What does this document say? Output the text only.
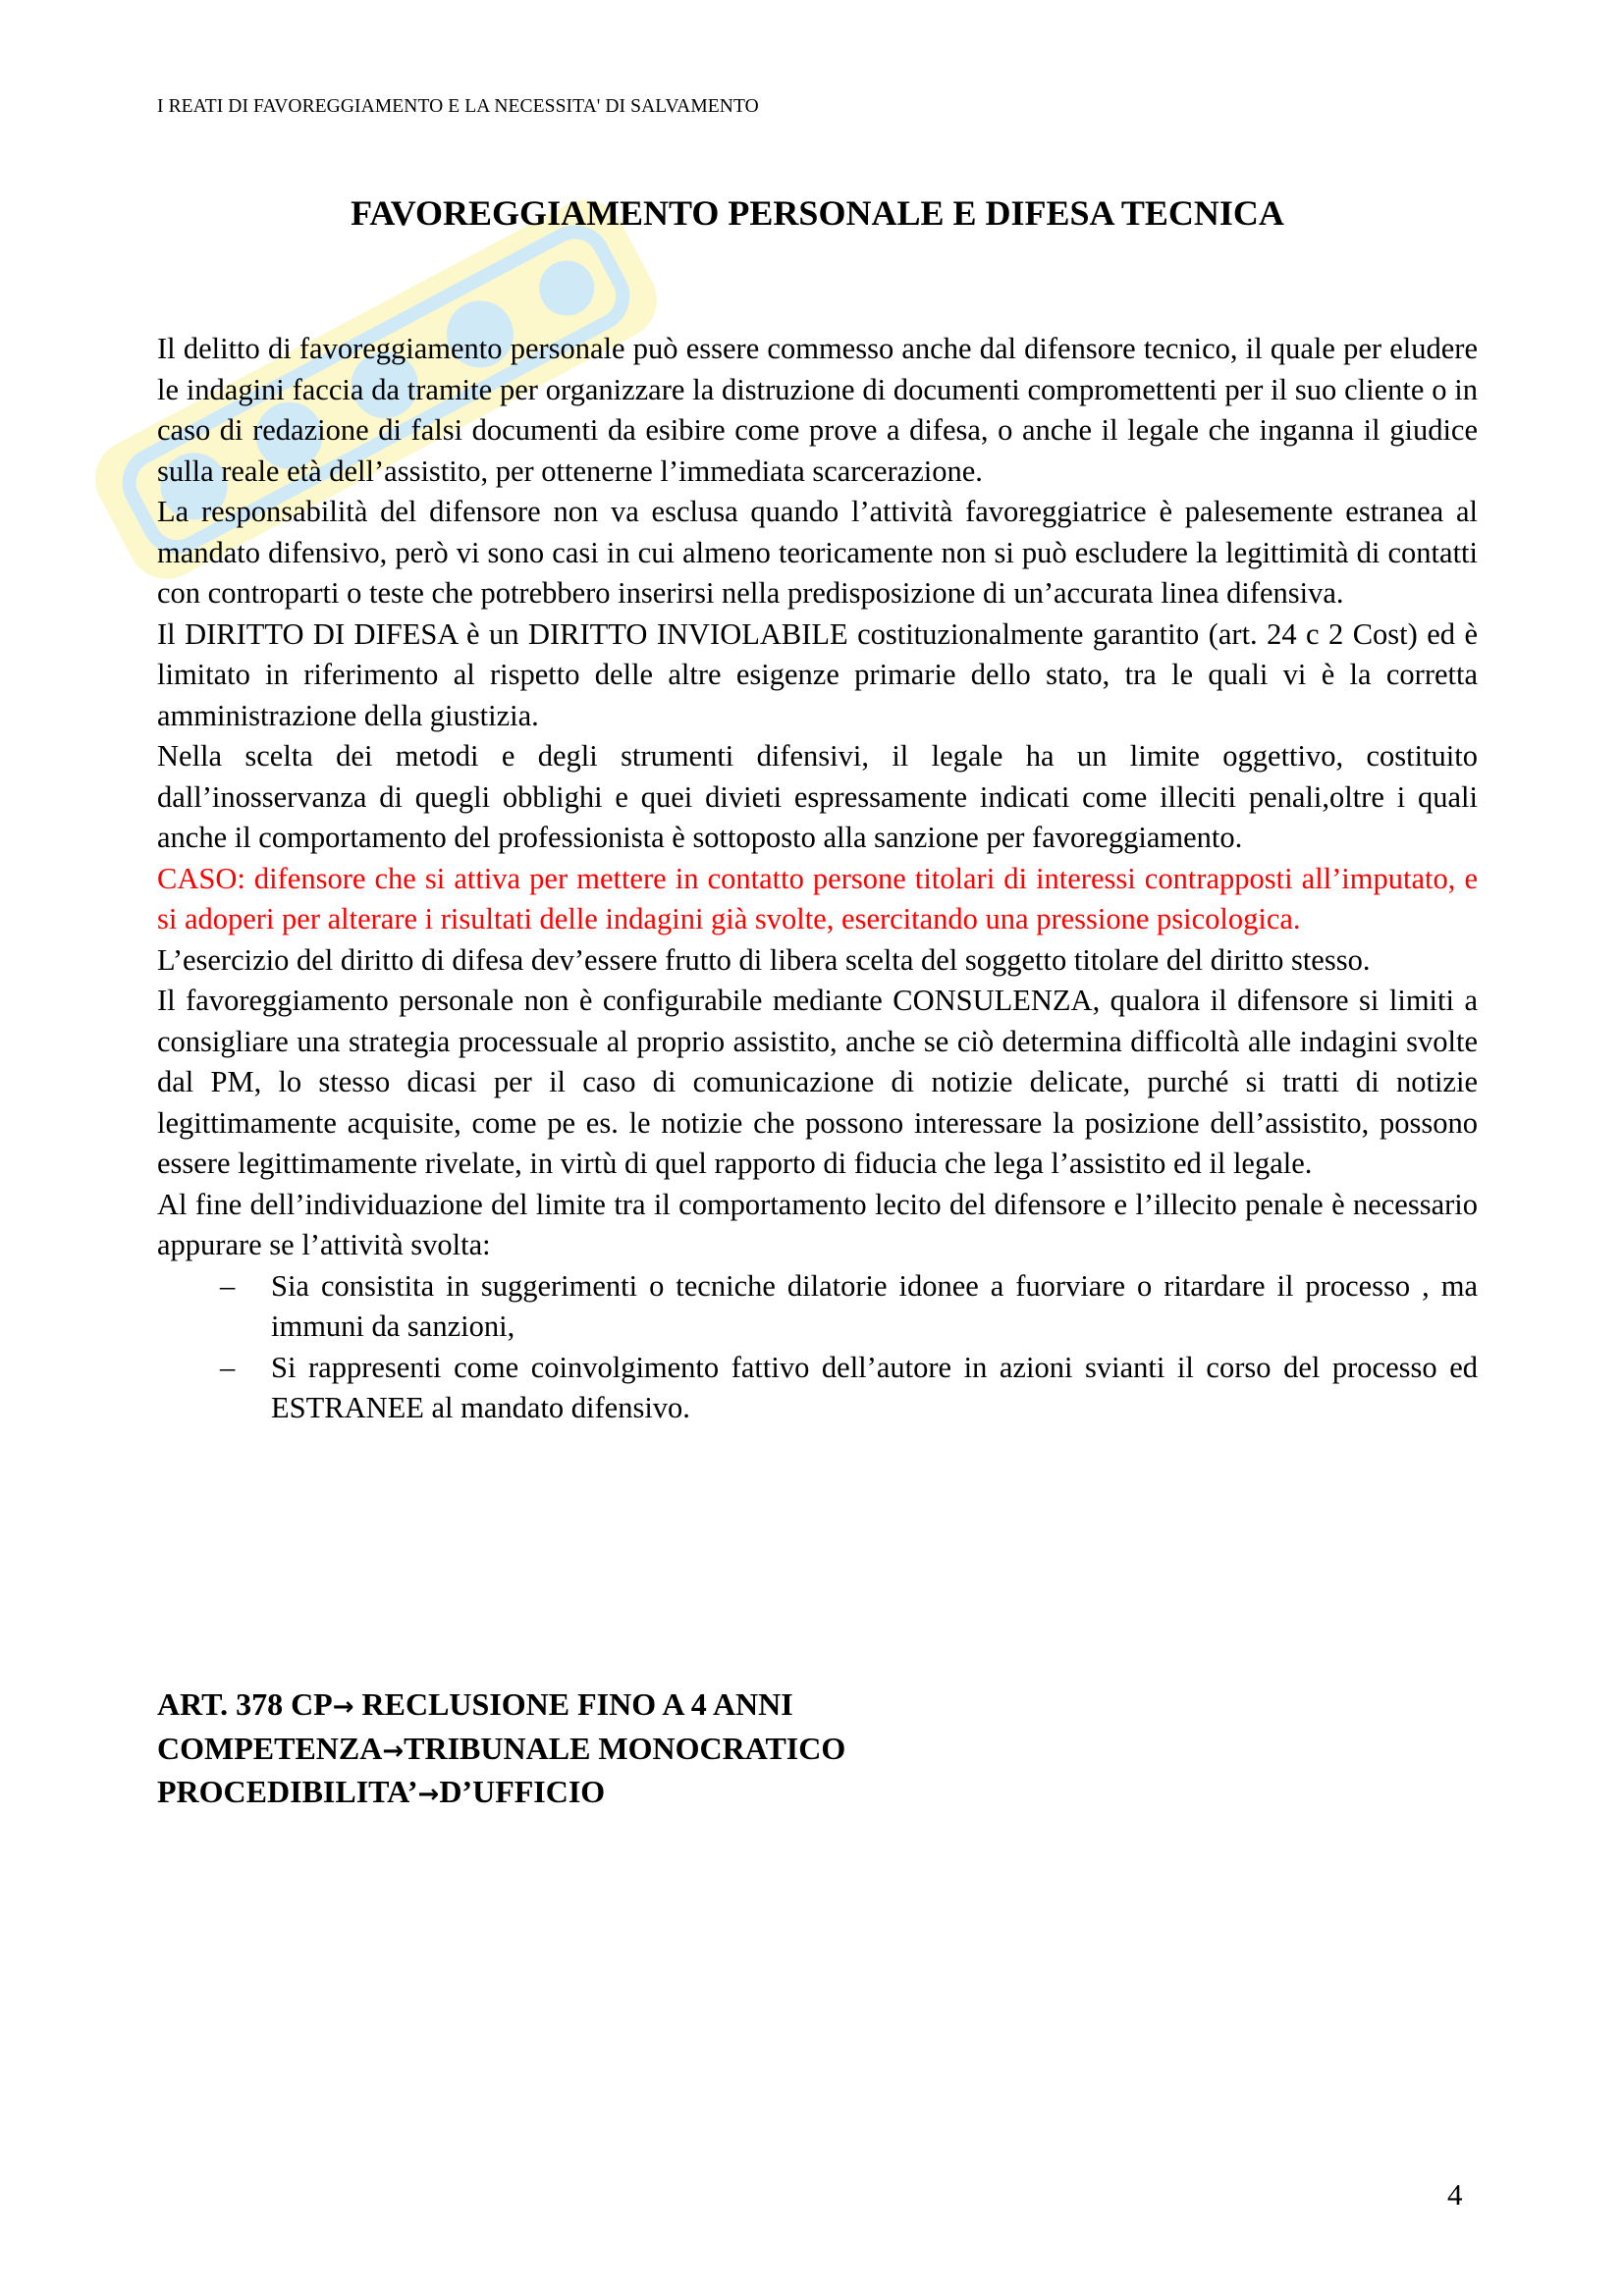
I REATI DI FAVOREGGIAMENTO E LA NECESSITA' DI SALVAMENTO
FAVOREGGIAMENTO PERSONALE E DIFESA TECNICA

Il delitto di favoreggiamento personale può essere commesso anche dal difensore tecnico, il quale per eludere le indagini faccia da tramite per organizzare la distruzione di documenti compromettenti per il suo cliente o in caso di redazione di falsi documenti da esibire come prove a difesa, o anche il legale che inganna il giudice sulla reale età dell’assistito, per ottenerne l’immediata scarcerazione.

La responsabilità del difensore non va esclusa quando l’attività favoreggiatrice è palesemente estranea al mandato difensivo, però vi sono casi in cui almeno teoricamente non si può escludere la legittimità di contatti con controparti o teste che potrebbero inserirsi nella predisposizione di un’accurata linea difensiva.

Il DIRITTO DI DIFESA è un DIRITTO INVIOLABILE costituzionalmente garantito (art. 24 c 2 Cost) ed è limitato in riferimento al rispetto delle altre esigenze primarie dello stato, tra le quali vi è la corretta amministrazione della giustizia.

Nella scelta dei metodi e degli strumenti difensivi, il legale ha un limite oggettivo, costituito dall’inosservanza di quegli obblighi e quei divieti espressamente indicati come illeciti penali,oltre i quali anche il comportamento del professionista è sottoposto alla sanzione per favoreggiamento.

CASO: difensore che si attiva per mettere in contatto persone titolari di interessi contrapposti all’imputato, e si adoperi per alterare i risultati delle indagini già svolte, esercitando una pressione psicologica.

L’esercizio del diritto di difesa dev’essere frutto di libera scelta del soggetto titolare del diritto stesso.

Il favoreggiamento personale non è configurabile mediante CONSULENZA, qualora il difensore si limiti a consigliare una strategia processuale al proprio assistito, anche se ciò determina difficoltà alle indagini svolte dal PM, lo stesso dicasi per il caso di comunicazione di notizie delicate, purché si tratti di notizie legittimamente acquisite, come pe es. le notizie che possono interessare la posizione dell’assistito, possono essere legittimamente rivelate, in virtù di quel rapporto di fiducia che lega l’assistito ed il legale.

Al fine dell’individuazione del limite tra il comportamento lecito del difensore e l’illecito penale è necessario appurare se l’attività svolta:

– Sia consistita in suggerimenti o tecniche dilatorie idonee a fuorviare o ritardare il processo , ma immuni da sanzioni,
– Si rappresenti come coinvolgimento fattivo dell’autore in azioni svianti il corso del processo ed ESTRANEE al mandato difensivo.
ART. 378 CP→ RECLUSIONE FINO A 4 ANNI
COMPETENZA→TRIBUNALE MONOCRATICO
PROCEDIBILITA’→D’UFFICIO
4
